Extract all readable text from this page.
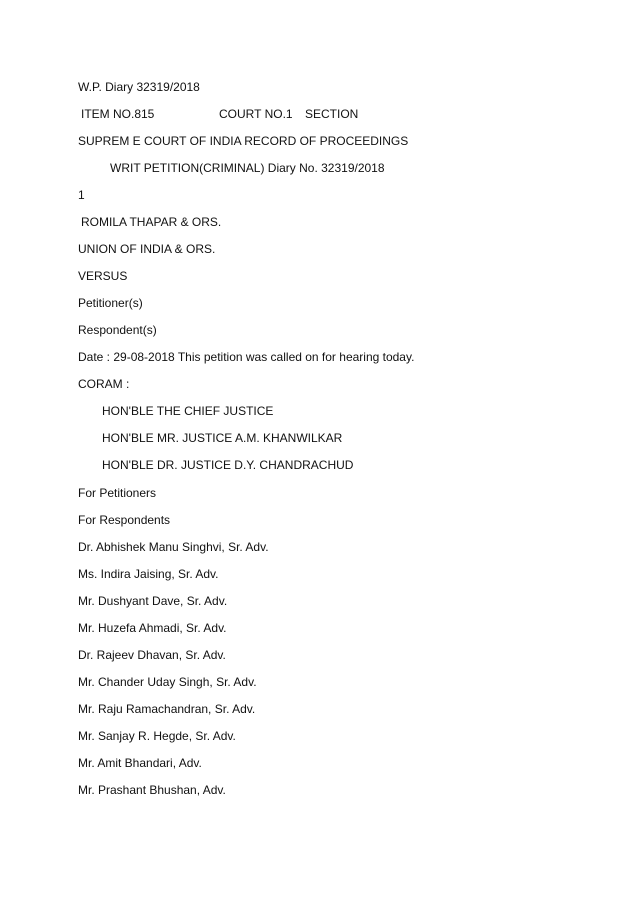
W.P. Diary 32319/2018

ITEM NO.815

	COURT NO.1

SECTION

SUPREM E COURT OF INDIA RECORD OF PROCEEDINGS
WRIT PETITION(CRIMINAL) Diary No. 32319/2018
1
ROMILA THAPAR & ORS.
UNION OF INDIA & ORS.
VERSUS
Petitioner(s)
Respondent(s)
Date : 29-08-2018 This petition was called on for hearing today.
CORAM :
HON'BLE THE CHIEF JUSTICE
HON'BLE MR. JUSTICE A.M. KHANWILKAR
HON'BLE DR. JUSTICE D.Y. CHANDRACHUD
For Petitioners
For Respondents
Dr. Abhishek Manu Singhvi, Sr. Adv.
Ms. Indira Jaising, Sr. Adv.
Mr. Dushyant Dave, Sr. Adv.
Mr. Huzefa Ahmadi, Sr. Adv.
Dr. Rajeev Dhavan, Sr. Adv.
Mr. Chander Uday Singh, Sr. Adv.
Mr. Raju Ramachandran, Sr. Adv.
Mr. Sanjay R. Hegde, Sr. Adv.
Mr. Amit Bhandari, Adv.
Mr. Prashant Bhushan, Adv.
